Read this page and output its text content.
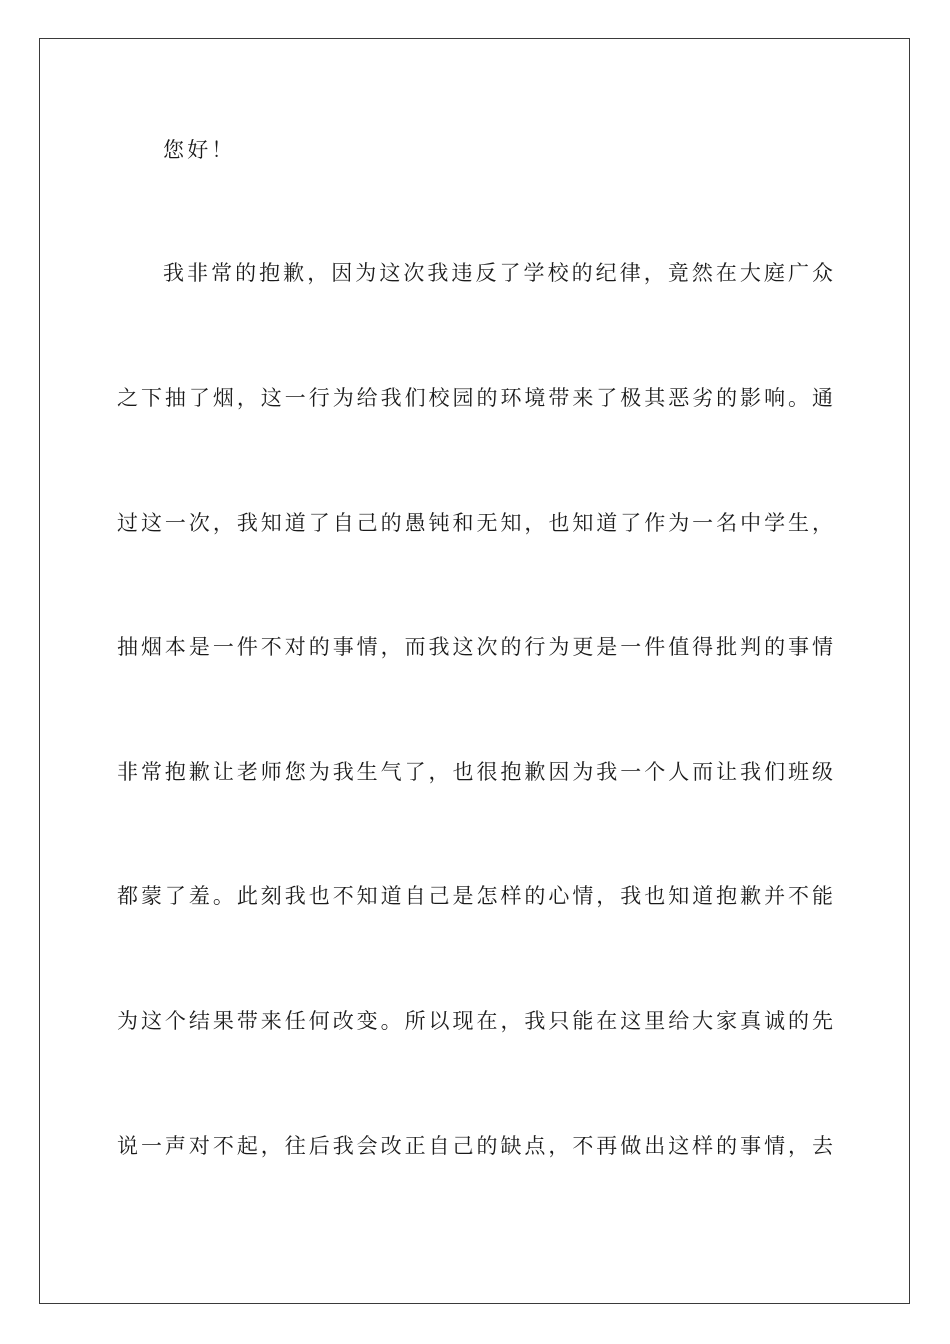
您好！
我非常的抱歉，因为这次我违反了学校的纪律，竟然在大庭广众
之下抽了烟，这一行为给我们校园的环境带来了极其恶劣的影响。通
过这一次，我知道了自己的愚钝和无知，也知道了作为一名中学生，
抽烟本是一件不对的事情，而我这次的行为更是一件值得批判的事情
非常抱歉让老师您为我生气了，也很抱歉因为我一个人而让我们班级
都蒙了羞。此刻我也不知道自己是怎样的心情，我也知道抱歉并不能
为这个结果带来任何改变。所以现在，我只能在这里给大家真诚的先
说一声对不起，往后我会改正自己的缺点，不再做出这样的事情，去
